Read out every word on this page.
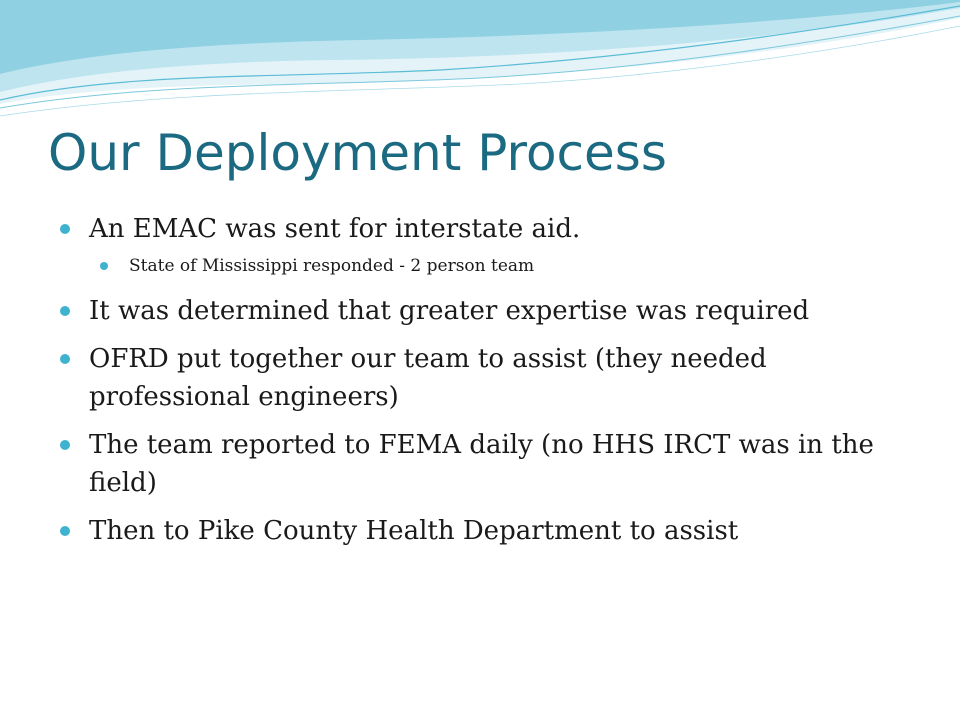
Our Deployment Process
An EMAC was sent for interstate aid.
State of Mississippi responded - 2 person team
It was determined that greater expertise was required
OFRD put together our team to assist (they needed professional engineers)
The team reported to FEMA daily (no HHS IRCT was in the field)
Then to Pike County Health Department to assist
